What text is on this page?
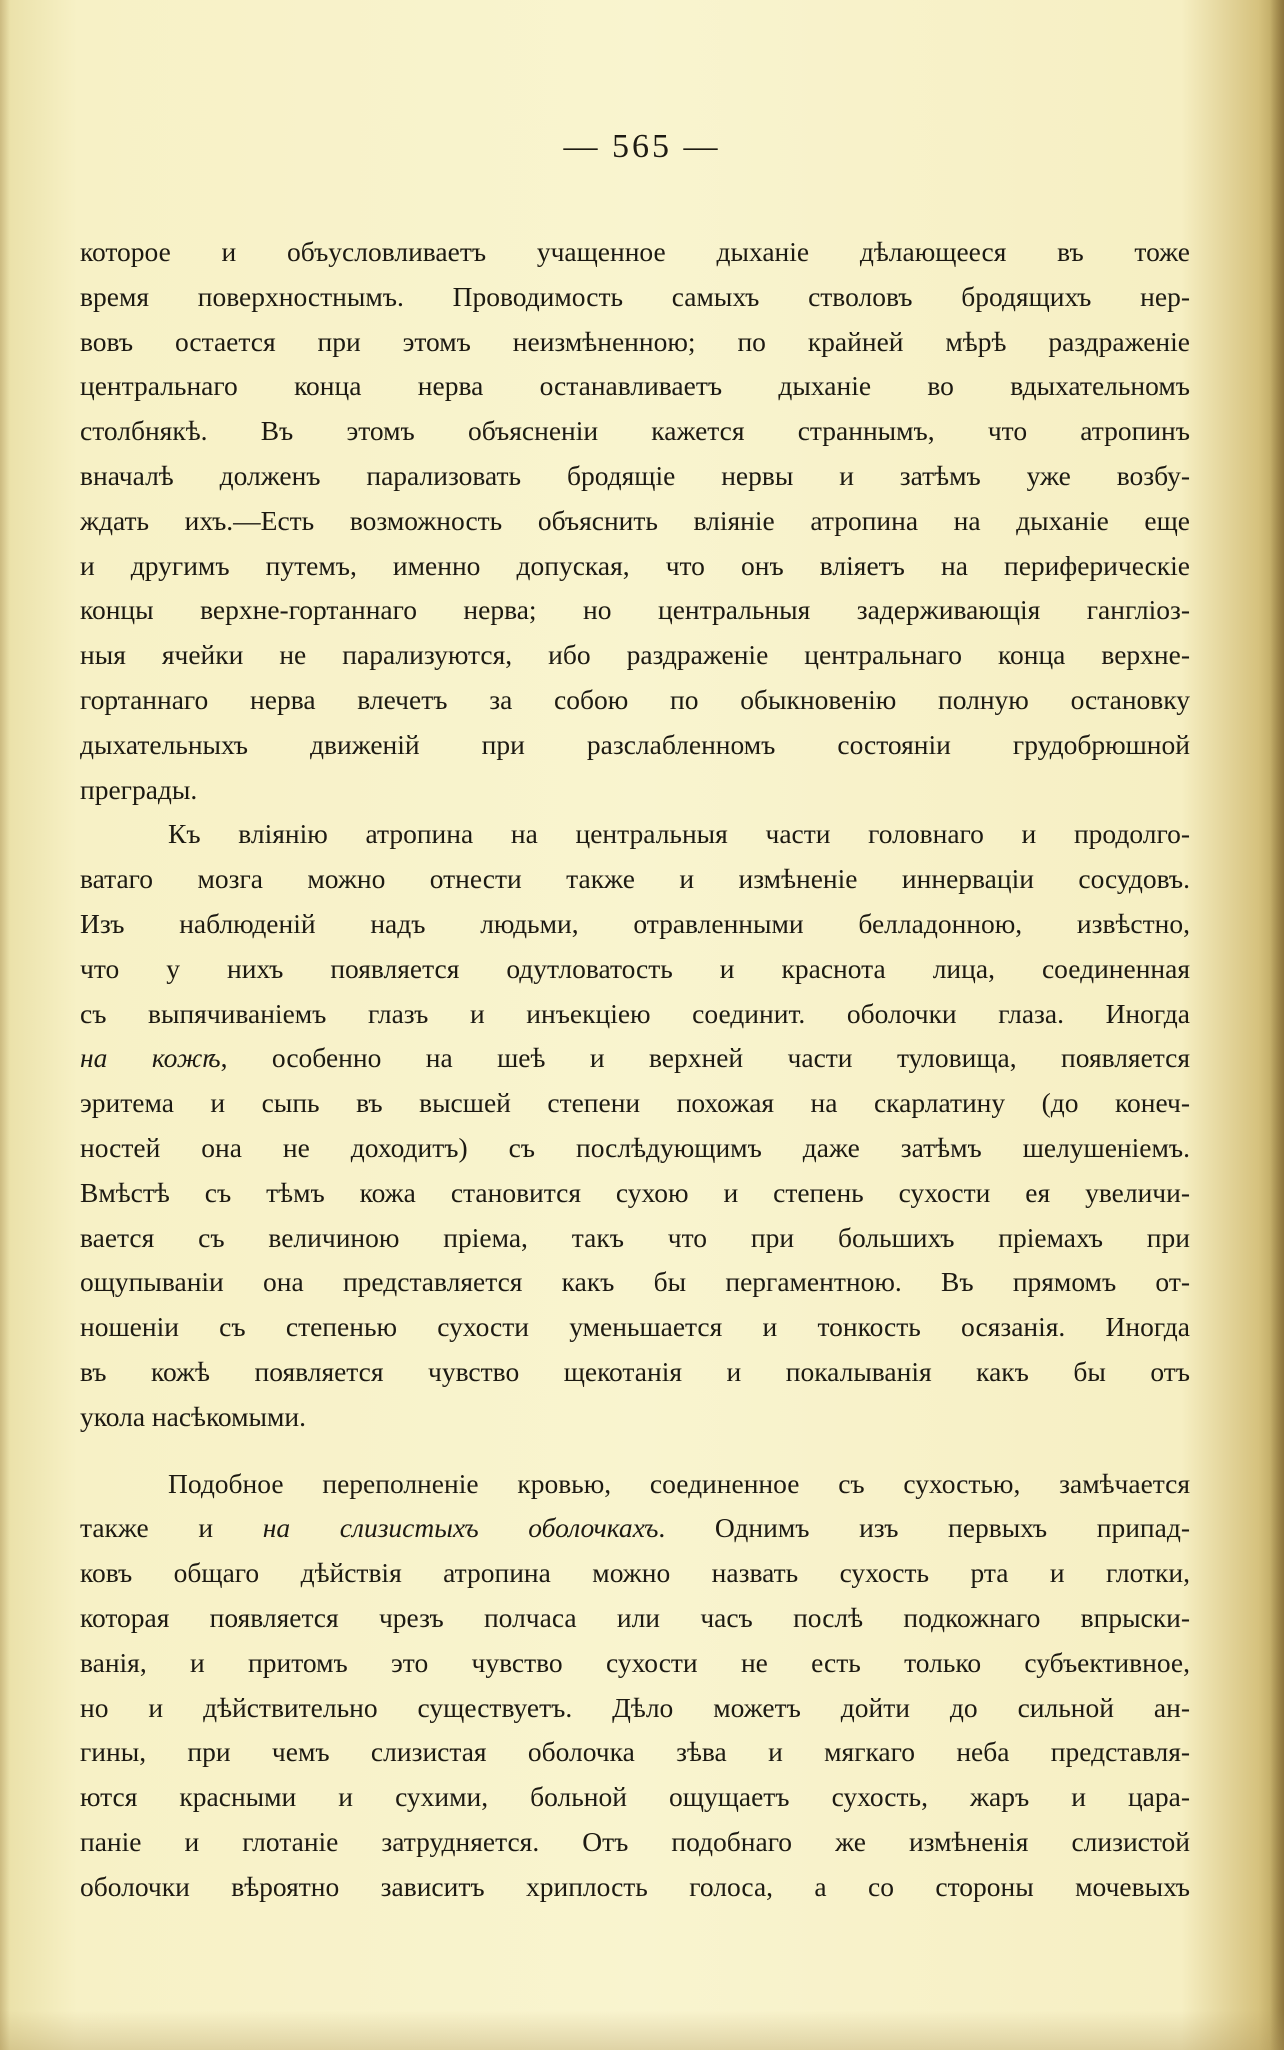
— 565 —
которое и объусловливаетъ учащенное дыханіе дѣлающееся въ тоже
время поверхностнымъ. Проводимость самыхъ стволовъ бродящихъ нер-
вовъ остается при этомъ неизмѣненною; по крайней мѣрѣ раздраженіе
центральнаго конца нерва останавливаетъ дыханіе во вдыхательномъ
столбнякѣ. Въ этомъ объясненіи кажется страннымъ, что атропинъ
вначалѣ долженъ парализовать бродящіе нервы и затѣмъ уже возбу-
ждать ихъ.—Есть возможность объяснить вліяніе атропина на дыханіе еще
и другимъ путемъ, именно допуская, что онъ вліяетъ на периферическіе
концы верхне-гортаннаго нерва; но центральныя задерживающія гангліоз-
ныя ячейки не парализуются, ибо раздраженіе центральнаго конца верхне-
гортаннаго нерва влечетъ за собою по обыкновенію полную остановку
дыхательныхъ движеній при разслабленномъ состояніи грудобрюшной
преграды.
Къ вліянію атропина на центральныя части головнаго и продолго-
ватаго мозга можно отнести также и измѣненіе иннерваціи сосудовъ.
Изъ наблюденій надъ людьми, отравленными белладонною, извѣстно,
что у нихъ появляется одутловатость и краснота лица, соединенная
съ выпячиваніемъ глазъ и инъекціею соединит. оболочки глаза. Иногда
на кожѣ, особенно на шеѣ и верхней части туловища, появляется
эритема и сыпь въ высшей степени похожая на скарлатину (до конеч-
ностей она не доходитъ) съ послѣдующимъ даже затѣмъ шелушеніемъ.
Вмѣстѣ съ тѣмъ кожа становится сухою и степень сухости ея увеличи-
вается съ величиною пріема, такъ что при большихъ пріемахъ при
ощупываніи она представляется какъ бы пергаментною. Въ прямомъ от-
ношеніи съ степенью сухости уменьшается и тонкость осязанія. Иногда
въ кожѣ появляется чувство щекотанія и покалыванія какъ бы отъ
укола насѣкомыми.
Подобное переполненіе кровью, соединенное съ сухостью, замѣчается
также и на слизистыхъ оболочкахъ. Однимъ изъ первыхъ припад-
ковъ общаго дѣйствія атропина можно назвать сухость рта и глотки,
которая появляется чрезъ полчаса или часъ послѣ подкожнаго впрыски-
ванія, и притомъ это чувство сухости не есть только субъективное,
но и дѣйствительно существуетъ. Дѣло можетъ дойти до сильной ан-
гины, при чемъ слизистая оболочка зѣва и мягкаго неба представля-
ются красными и сухими, больной ощущаетъ сухость, жаръ и цара-
паніе и глотаніе затрудняется. Отъ подобнаго же измѣненія слизистой
оболочки вѣроятно зависитъ хриплость голоса, а со стороны мочевыхъ
